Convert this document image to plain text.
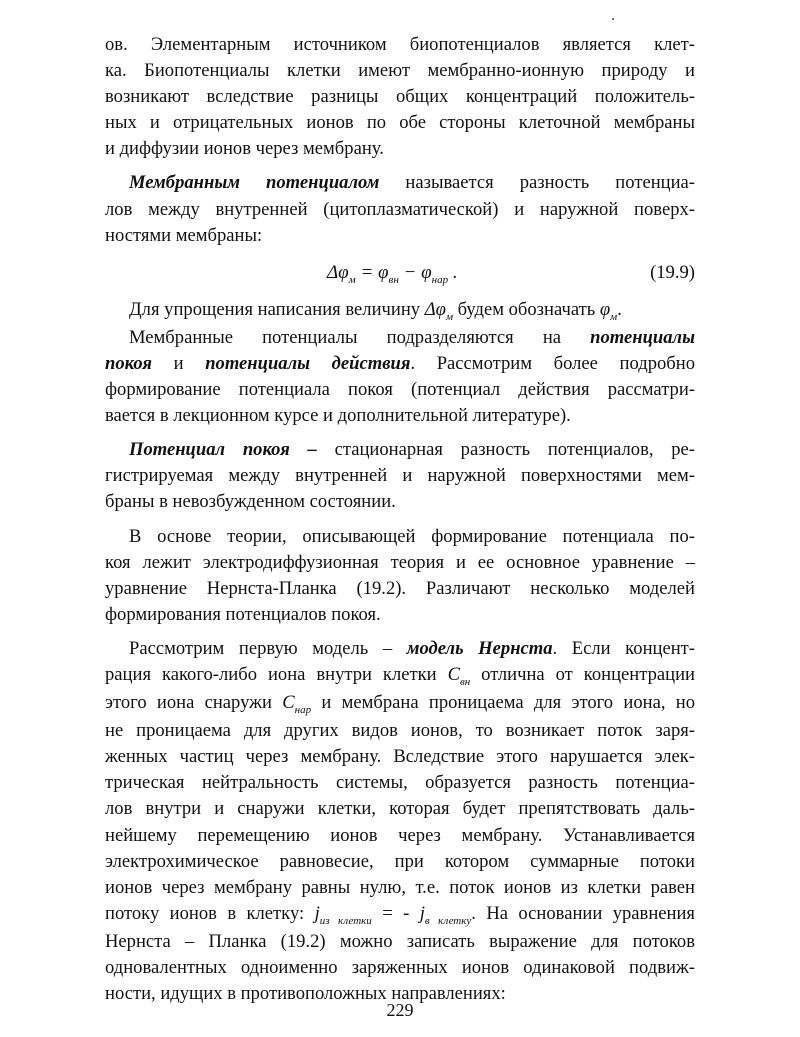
ов. Элементарным источником биопотенциалов является клет-
ка. Биопотенциалы клетки имеют мембранно-ионную природу и
возникают вследствие разницы общих концентраций положитель-
ных и отрицательных ионов по обе стороны клеточной мембраны
и диффузии ионов через мембрану.
Мембранным потенциалом называется разность потенциа-
лов между внутренней (цитоплазматической) и наружной поверх-
ностями мембраны:
$\Delta\varphi_м = \varphi_{вн} - \varphi_{нар}$ .	(19.9)
Для упрощения написания величину $\Delta\varphi_м$ будем обозначать $\varphi_м$.
Мембранные потенциалы подразделяются на потенциалы
покоя и потенциалы действия. Рассмотрим более подробно
формирование потенциала покоя (потенциал действия рассматри-
вается в лекционном курсе и дополнительной литературе).
Потенциал покоя – стационарная разность потенциалов, ре-
гистрируемая между внутренней и наружной поверхностями мем-
браны в невозбужденном состоянии.
В основе теории, описывающей формирование потенциала по-
коя лежит электродиффузионная теория и ее основное уравнение –
уравнение Нернста-Планка (19.2). Различают несколько моделей
формирования потенциалов покоя.
Рассмотрим первую модель – модель Нернста. Если концент-
рация какого-либо иона внутри клетки $C_{вн}$ отлична от концентрации
этого иона снаружи $C_{нар}$ и мембрана проницаема для этого иона, но
не проницаема для других видов ионов, то возникает поток заря-
женных частиц через мембрану. Вследствие этого нарушается элек-
трическая нейтральность системы, образуется разность потенциа-
лов внутри и снаружи клетки, которая будет препятствовать даль-
нейшему перемещению ионов через мембрану. Устанавливается
электрохимическое равновесие, при котором суммарные потоки
ионов через мембрану равны нулю, т.е. поток ионов из клетки равен
потоку ионов в клетку: $j_{из клетки}$ = - $j_{в клетку}$. На основании уравнения
Нернста – Планка (19.2) можно записать выражение для потоков
одновалентных одноименно заряженных ионов одинаковой подвиж-
ности, идущих в противоположных направлениях:
229
